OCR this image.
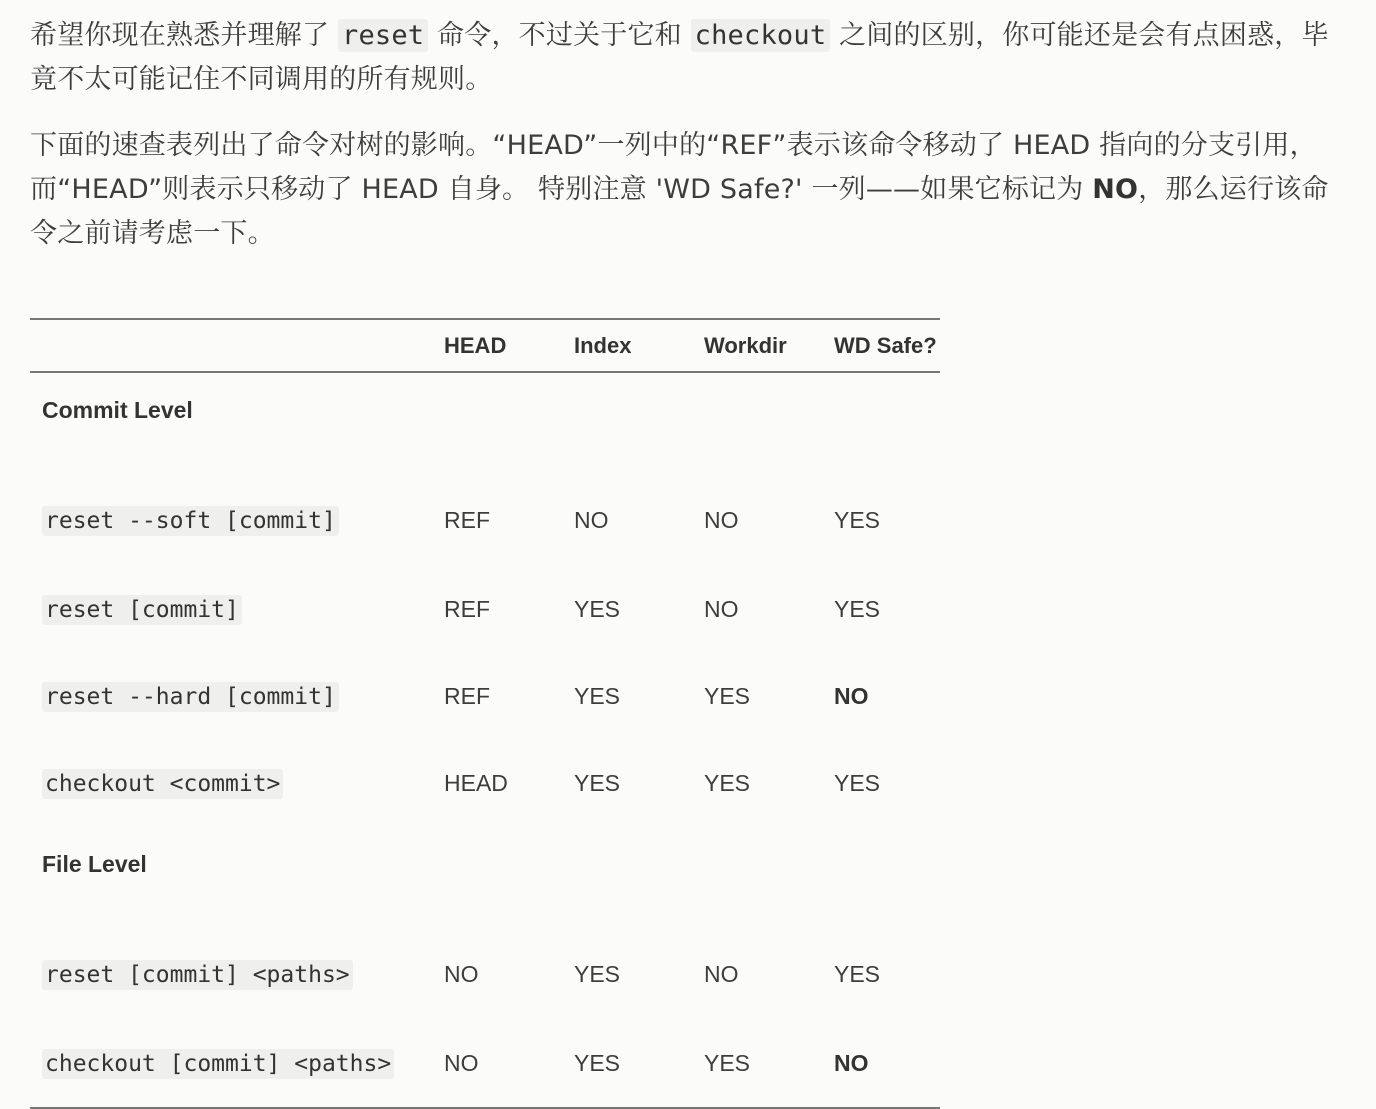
希望你现在熟悉并理解了 reset 命令，不过关于它和 checkout 之间的区别，你可能还是会有点困惑，毕竟不太可能记住不同调用的所有规则。

下面的速查表列出了命令对树的影响。“HEAD”一列中的“REF”表示该命令移动了 HEAD 指向的分支引用，而“HEAD”则表示只移动了 HEAD 自身。 特别注意 'WD Safe?' 一列——如果它标记为 NO，那么运行该命令之前请考虑一下。

	HEAD	Index	Workdir	WD Safe?
Commit Level				
reset --soft [commit]	REF	NO	NO	YES
reset [commit]	REF	YES	NO	YES
reset --hard [commit]	REF	YES	YES	NO
checkout <commit>	HEAD	YES	YES	YES
File Level				
reset [commit] <paths>	NO	YES	NO	YES
checkout [commit] <paths>	NO	YES	YES	NO
